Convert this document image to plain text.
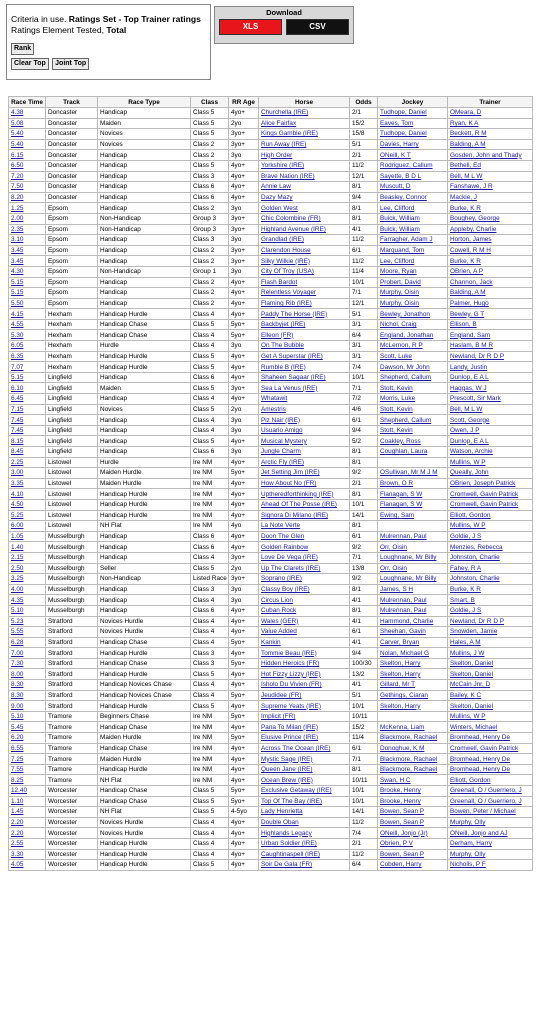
Criteria in use. Ratings Set - Top Trainer ratings
Ratings Element Tested, Total
Rank
Clear Top Joint Top
Download
XLS	CSV
Race Time	Track	Race Type	Class	RR Age	Horse	Odds	Jockey	Trainer
4.38	Doncaster	Handicap	Class 5	4yo+	Churchella (IRE)	2/1	Tudhope, Daniel	OMeara, D
5.08	Doncaster	Maiden	Class 5	2yo	Alice Fairfax	15/2	Eaves, Tom	Ryan, K A
5.40	Doncaster	Novices	Class 5	3yo+	Kings Gamble (IRE)	15/8	Tudhope, Daniel	Beckett, R M
5.40	Doncaster	Novices	Class 2	3yo+	Run Away (IRE)	5/1	Davies, Harry	Balding, A M
6.15	Doncaster	Handicap	Class 2	3yo	High Order	2/1	ONeill, K T	Gosden, John and Thady
6.50	Doncaster	Handicap	Class 5	4yo+	Yorkshire (IRE)	11/2	Rodriguez, Callum	Bethell, Ed
7.20	Doncaster	Handicap	Class 3	4yo+	Brave Nation (IRE)	12/1	Sayette, B D L	Bell, M L W
7.50	Doncaster	Handicap	Class 6	4yo+	Annie Law	8/1	Muscutt, D	Fanshawe, J R
8.20	Doncaster	Handicap	Class 6	4yo+	Dazy Mazy	9/4	Beasley, Connor	Mackie, J
1.25	Epsom	Handicap	Class 2	3yo	Golden West	8/1	Lee, Clifford	Burke, K R
2.00	Epsom	Non-Handicap	Group 3	3yo+	Chic Colombine (FR)	8/1	Buick, William	Boughey, George
2.35	Epsom	Non-Handicap	Group 3	3yo+	Highland Avenue (IRE)	4/1	Buick, William	Appleby, Charlie
3.10	Epsom	Handicap	Class 3	3yo	Grandlad (IRE)	11/2	Farragher, Adam J	Horton, James
3.45	Epsom	Handicap	Class 2	3yo+	Clarendon House	6/1	Marquand, Tom	Cowell, R M H
3.45	Epsom	Handicap	Class 2	3yo+	Silky Wilkie (IRE)	11/2	Lee, Clifford	Burke, K R
4.30	Epsom	Non-Handicap	Group 1	3yo	City Of Troy (USA)	11/4	Moore, Ryan	OBrien, A P
5.15	Epsom	Handicap	Class 2	4yo+	Flash Bardot	10/1	Probert, David	Channon, Jack
5.15	Epsom	Handicap	Class 2	4yo+	Relentless Voyager	7/1	Murphy, Oisin	Balding, A M
5.50	Epsom	Handicap	Class 2	4yo+	Flaming Rib (IRE)	12/1	Murphy, Oisin	Palmer, Hugo
4.15	Hexham	Handicap Hurdle	Class 4	4yo+	Paddy The Horse (IRE)	5/1	Bewley, Jonathon	Bewley, G T
4.55	Hexham	Handicap Chase	Class 5	5yo+	Backbyjet (IRE)	3/1	Nichol, Craig	Ellison, B
5.30	Hexham	Handicap Chase	Class 4	5yo+	Elleon (FR)	6/4	England, Jonathan	England, Sam
6.05	Hexham	Hurdle	Class 4	3yo	On The Bubble	3/1	McLernon, R P	Haslam, B M R
6.35	Hexham	Handicap Hurdle	Class 5	4yo+	Get A Superstar (IRE)	3/1	Scott, Luke	Newland, Dr R D P
7.07	Hexham	Handicap Hurdle	Class 5	4yo+	Rumble B (IRE)	7/4	Dawson, Mr John	Landy, Justin
5.15	Lingfield	Handicap	Class 6	4yo+	Shaheen Sagaar (IRE)	10/1	Shepherd, Callum	Dunlop, E A L
6.10	Lingfield	Maiden	Class 5	3yo+	Sea La Venus (IRE)	7/1	Stott, Kevin	Haggas, W J
6.45	Lingfield	Handicap	Class 4	4yo+	Whatawit	7/2	Morris, Luke	Prescott, Sir Mark
7.15	Lingfield	Novices	Class 5	2yo	Amestris	4/6	Stott, Kevin	Bell, M L W
7.45	Lingfield	Handicap	Class 4	3yo	Piz Nair (IRE)	6/1	Shepherd, Callum	Scott, George
7.45	Lingfield	Handicap	Class 4	3yo	Usuario Amigo	9/4	Stott, Kevin	Owen, J P
8.15	Lingfield	Handicap	Class 5	4yo+	Musical Mystery	5/2	Coakley, Ross	Dunlop, E A L
8.45	Lingfield	Handicap	Class 6	3yo	Jungle Charm	8/1	Coughlan, Laura	Watson, Archie
2.25	Listowel	Hurdle	Ire NM	4yo+	Arctic Fly (IRE)	8/1		Mullins, W P
3.00	Listowel	Maiden Hurdle	Ire NM	5yo+	Jet Setting Jim (IRE)	9/2	OSullivan, Mr M J M	Queally, John
3.35	Listowel	Maiden Hurdle	Ire NM	4yo+	How About No (FR)	2/1	Brown, O R	OBrien, Joseph Patrick
4.10	Listowel	Handicap Hurdle	Ire NM	4yo+	Uptheredforthinking (IRE)	8/1	Flanagan, S W	Cromwell, Gavin Patrick
4.50	Listowel	Handicap Hurdle	Ire NM	4yo+	Ahead Of The Posse (IRE)	10/1	Flanagan, S W	Cromwell, Gavin Patrick
5.25	Listowel	Handicap Hurdle	Ire NM	4yo+	Signora Di Milano (IRE)	14/1	Ewing, Sam	Elliott, Gordon
6.00	Listowel	NH Flat	Ire NM	4yo	La Note Verte	8/1		Mullins, W P
1.05	Musselburgh	Handicap	Class 6	4yo+	Doon The Glen	6/1	Mulrennan, Paul	Goldie, J S
1.40	Musselburgh	Handicap	Class 6	4yo+	Golden Rainbow	9/2	Orr, Oisin	Menzies, Rebecca
2.15	Musselburgh	Handicap	Class 4	3yo+	Love De Vega (IRE)	7/1	Loughnane, Mr Billy	Johnston, Charlie
2.50	Musselburgh	Seller	Class 5	2yo	Up The Clarets (IRE)	13/8	Orr, Oisin	Fahey, R A
3.25	Musselburgh	Non-Handicap	Listed Race	3yo+	Soprano (IRE)	9/2	Loughnane, Mr Billy	Johnston, Charlie
4.00	Musselburgh	Handicap	Class 3	3yo	Classy Boy (IRE)	8/1	James, S H	Burke, K R
4.35	Musselburgh	Handicap	Class 4	3yo	Circus Lion	4/1	Mulrennan, Paul	Smart, B
5.10	Musselburgh	Handicap	Class 6	4yo+	Cuban Rock	8/1	Mulrennan, Paul	Goldie, J S
5.23	Stratford	Novices Hurdle	Class 4	4yo+	Wales (GER)	4/1	Hammond, Charlie	Newland, Dr R D P
5.55	Stratford	Novices Hurdle	Class 4	4yo+	Value Added	6/1	Sheehan, Gavin	Snowden, Jamie
6.28	Stratford	Handicap Chase	Class 4	5yo+	Kankin	4/1	Carver, Bryan	Hales, A M
7.00	Stratford	Handicap Hurdle	Class 3	4yo+	Tommie Beau (IRE)	9/4	Nolan, Michael G	Mullins, J W
7.30	Stratford	Handicap Chase	Class 3	5yo+	Hidden Heroics (FR)	100/30	Skelton, Harry	Skelton, Daniel
8.00	Stratford	Handicap Hurdle	Class 5	4yo+	Hot Fizzy Lizzy (IRE)	13/2	Skelton, Harry	Skelton, Daniel
8.30	Stratford	Handicap Novices Chase	Class 4	4yo+	Isholo Du Vivien (FR)	4/1	Gillard, Mr T	McCain Jnr, D
8.30	Stratford	Handicap Novices Chase	Class 4	5yo+	Jeudidee (FR)	5/1	Gethings, Ciaran	Bailey, K C
9.00	Stratford	Handicap Hurdle	Class 5	4yo+	Supreme Yeats (IRE)	10/1	Skelton, Harry	Skelton, Daniel
5.10	Tramore	Beginners Chase	Ire NM	5yo+	Implicit (FR)	10/11		Mullins, W P
5.45	Tramore	Handicap Chase	Ire NM	4yo+	Pana To Milan (IRE)	15/2	McKenna, Liam	Winters, Michael
6.20	Tramore	Maiden Hurdle	Ire NM	5yo+	Elusive Prince (IRE)	11/4	Blackmore, Rachael	Bromhead, Henry De
6.55	Tramore	Handicap Chase	Ire NM	4yo+	Across The Ocean (IRE)	6/1	Donoghue, K M	Cromwell, Gavin Patrick
7.25	Tramore	Maiden Hurdle	Ire NM	4yo+	Mystic Sage (IRE)	7/1	Blackmore, Rachael	Bromhead, Henry De
7.55	Tramore	Handicap Hurdle	Ire NM	4yo+	Queen Jane (IRE)	8/1	Blackmore, Rachael	Bromhead, Henry De
8.25	Tramore	NH Flat	Ire NM	4yo+	Ocean Brew (IRE)	10/11	Swan, H C	Elliott, Gordon
12.40	Worcester	Handicap Chase	Class 5	5yo+	Exclusive Getaway (IRE)	10/1	Brooke, Henry	Greenall, O / Guerriero, J
1.10	Worcester	Handicap Chase	Class 5	5yo+	Top Of The Bay (IRE)	10/1	Brooke, Henry	Greenall, O / Guerriero, J
1.45	Worcester	NH Flat	Class 5	4-5yo	Lady Henrietta	14/1	Bowen, Sean P	Bowen, Peter / Michael
2.20	Worcester	Novices Hurdle	Class 4	4yo+	Double Oban	11/2	Bowen, Sean P	Murphy, Olly
2.20	Worcester	Novices Hurdle	Class 4	4yo+	Highlands Legacy	7/4	ONeill, Jonjo (Jr)	ONeill, Jonjo and AJ
2.55	Worcester	Handicap Hurdle	Class 4	4yo+	Urban Soldier (IRE)	2/1	Obrien, P V	Derham, Harry
3.30	Worcester	Handicap Hurdle	Class 4	4yo+	Caughtinaspell (IRE)	11/2	Bowen, Sean P	Murphy, Olly
4.05	Worcester	Handicap Hurdle	Class 5	4yo+	Soir De Gala (FR)	6/4	Cobden, Harry	Nicholls, P F
